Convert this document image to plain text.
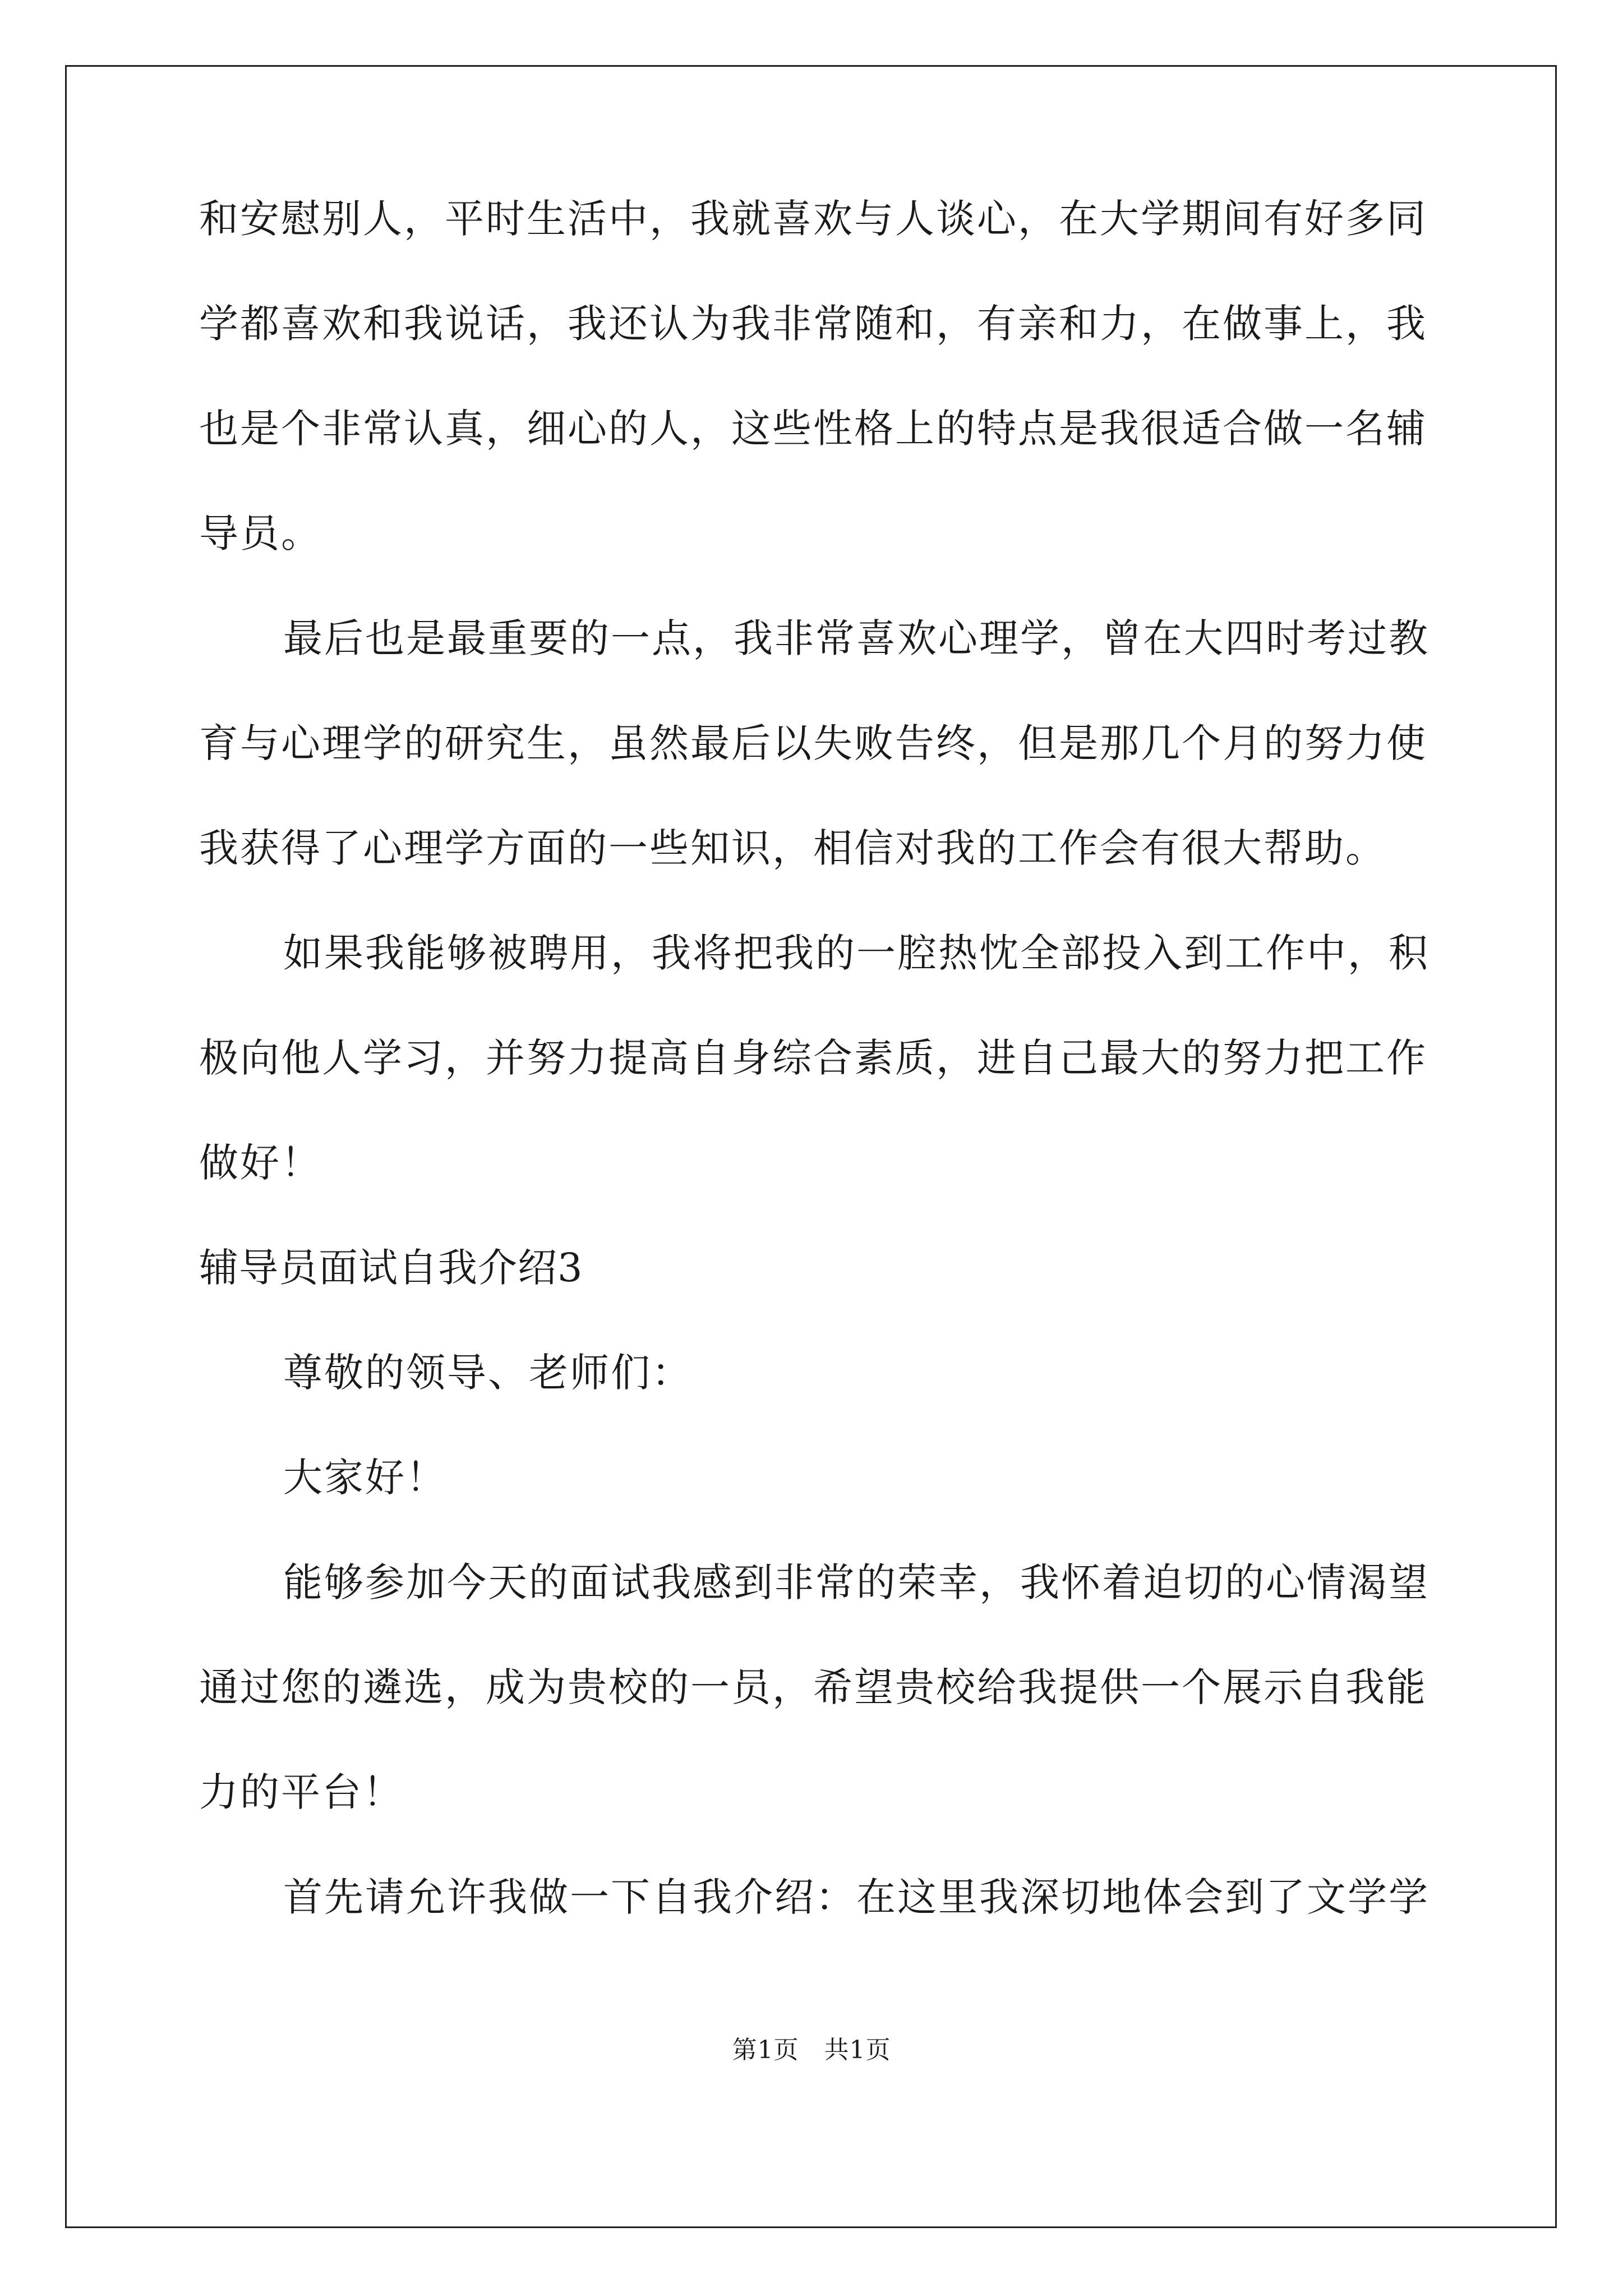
和安慰别人，平时生活中，我就喜欢与人谈心，在大学期间有好多同
学都喜欢和我说话，我还认为我非常随和，有亲和力，在做事上，我
也是个非常认真，细心的人，这些性格上的特点是我很适合做一名辅
导员。
最后也是最重要的一点，我非常喜欢心理学，曾在大四时考过教
育与心理学的研究生，虽然最后以失败告终，但是那几个月的努力使
我获得了心理学方面的一些知识，相信对我的工作会有很大帮助。
如果我能够被聘用，我将把我的一腔热忱全部投入到工作中，积
极向他人学习，并努力提高自身综合素质，进自己最大的努力把工作
做好！
辅导员面试自我介绍3
尊敬的领导、老师们：
大家好！
能够参加今天的面试我感到非常的荣幸，我怀着迫切的心情渴望
通过您的遴选，成为贵校的一员，希望贵校给我提供一个展示自我能
力的平台！
首先请允许我做一下自我介绍：在这里我深切地体会到了文学学
第1页　共1页
